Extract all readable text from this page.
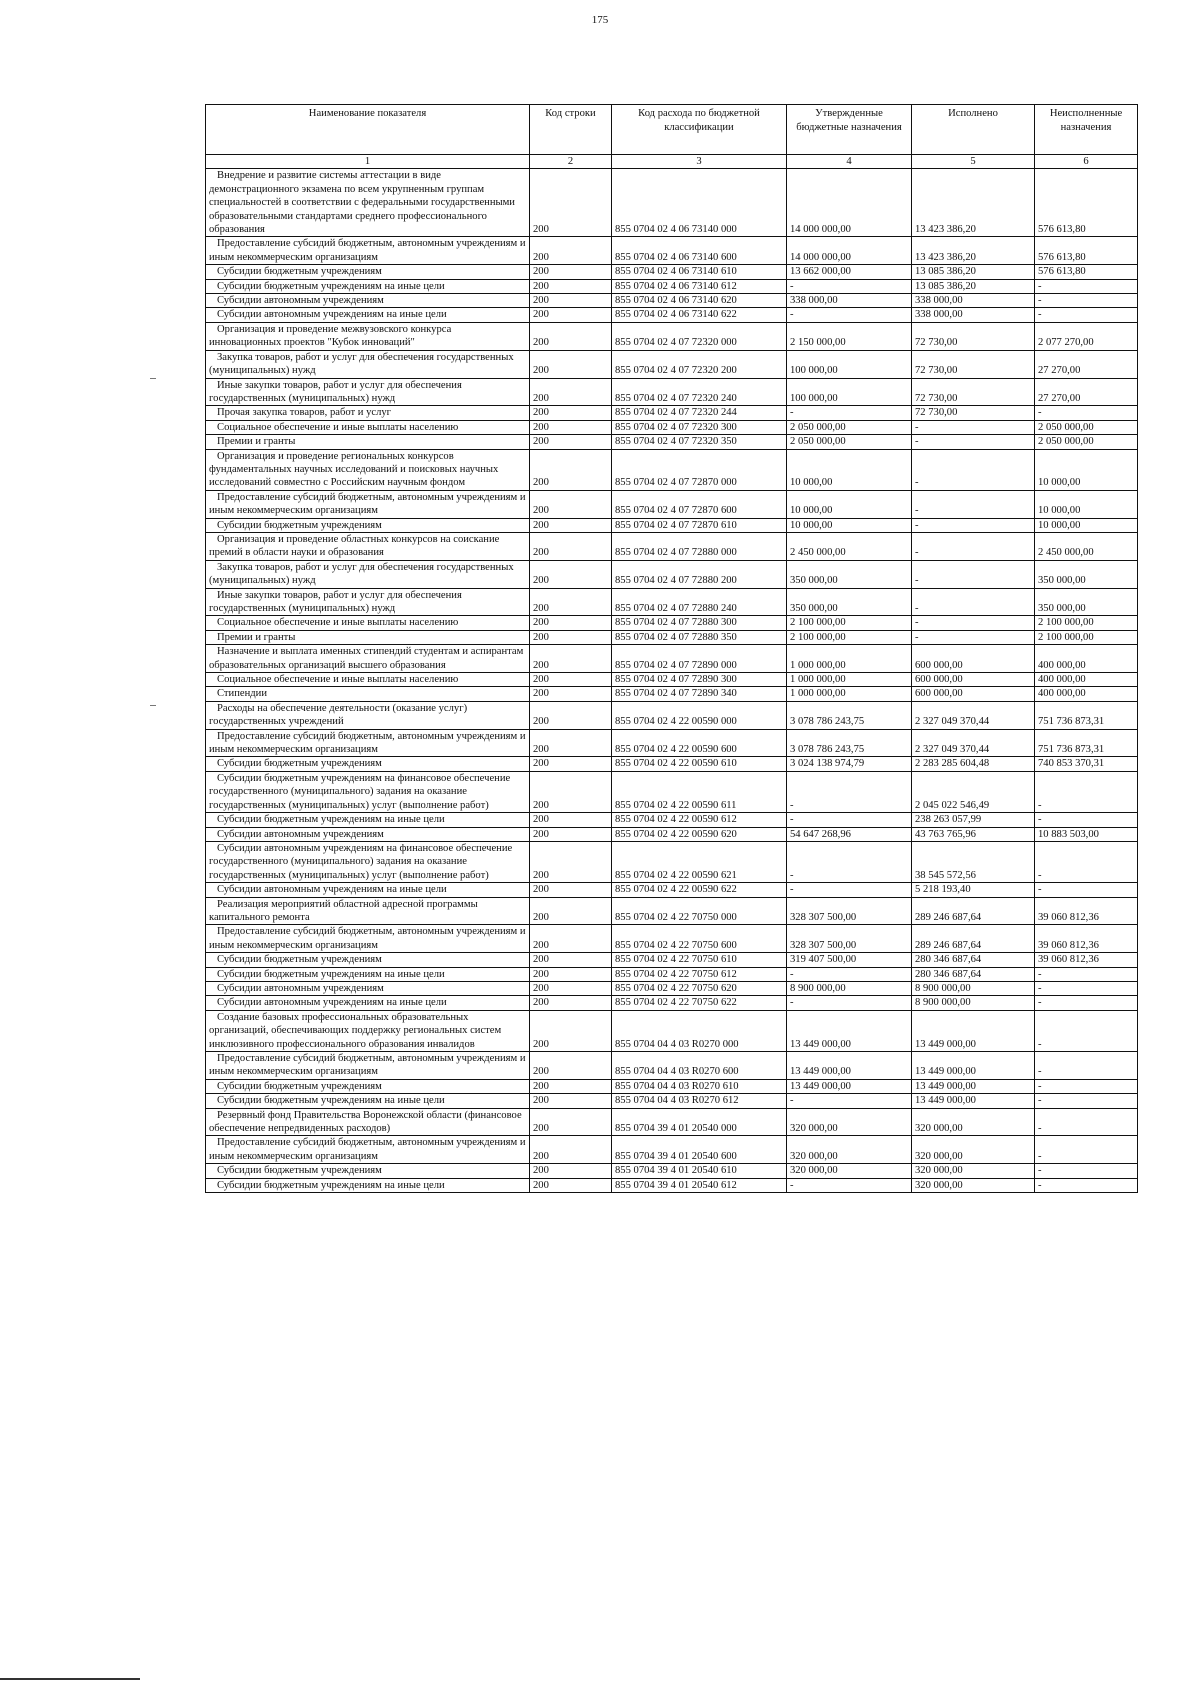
175
Наименование показателя	Код строки	Код расхода по бюджетной классификации	Утвержденные бюджетные назначения	Исполнено	Неисполненные назначения
1	2	3	4	5	6
Внедрение и развитие системы аттестации в виде демонстрационного экзамена по всем укрупненным группам специальностей в соответствии с федеральными государственными образовательными стандартами среднего профессионального образования	200	855 0704 02 4 06 73140 000	14 000 000,00	13 423 386,20	576 613,80
Предоставление субсидий бюджетным, автономным учреждениям и иным некоммерческим организациям	200	855 0704 02 4 06 73140 600	14 000 000,00	13 423 386,20	576 613,80
Субсидии бюджетным учреждениям	200	855 0704 02 4 06 73140 610	13 662 000,00	13 085 386,20	576 613,80
Субсидии бюджетным учреждениям на иные цели	200	855 0704 02 4 06 73140 612	-	13 085 386,20	-
Субсидии автономным учреждениям	200	855 0704 02 4 06 73140 620	338 000,00	338 000,00	-
Субсидии автономным учреждениям на иные цели	200	855 0704 02 4 06 73140 622	-	338 000,00	-
Организация и проведение межвузовского конкурса инновационных проектов "Кубок инноваций"	200	855 0704 02 4 07 72320 000	2 150 000,00	72 730,00	2 077 270,00
Закупка товаров, работ и услуг для обеспечения государственных (муниципальных) нужд	200	855 0704 02 4 07 72320 200	100 000,00	72 730,00	27 270,00
Иные закупки товаров, работ и услуг для обеспечения государственных (муниципальных) нужд	200	855 0704 02 4 07 72320 240	100 000,00	72 730,00	27 270,00
Прочая закупка товаров, работ и услуг	200	855 0704 02 4 07 72320 244	-	72 730,00	-
Социальное обеспечение и иные выплаты населению	200	855 0704 02 4 07 72320 300	2 050 000,00	-	2 050 000,00
Премии и гранты	200	855 0704 02 4 07 72320 350	2 050 000,00	-	2 050 000,00
Организация и проведение региональных конкурсов фундаментальных научных исследований и поисковых научных исследований совместно с Российским научным фондом	200	855 0704 02 4 07 72870 000	10 000,00	-	10 000,00
Предоставление субсидий бюджетным, автономным учреждениям и иным некоммерческим организациям	200	855 0704 02 4 07 72870 600	10 000,00	-	10 000,00
Субсидии бюджетным учреждениям	200	855 0704 02 4 07 72870 610	10 000,00	-	10 000,00
Организация и проведение областных конкурсов на соискание премий в области науки и образования	200	855 0704 02 4 07 72880 000	2 450 000,00	-	2 450 000,00
Закупка товаров, работ и услуг для обеспечения государственных (муниципальных) нужд	200	855 0704 02 4 07 72880 200	350 000,00	-	350 000,00
Иные закупки товаров, работ и услуг для обеспечения государственных (муниципальных) нужд	200	855 0704 02 4 07 72880 240	350 000,00	-	350 000,00
Социальное обеспечение и иные выплаты населению	200	855 0704 02 4 07 72880 300	2 100 000,00	-	2 100 000,00
Премии и гранты	200	855 0704 02 4 07 72880 350	2 100 000,00	-	2 100 000,00
Назначение и выплата именных стипендий студентам и аспирантам образовательных организаций высшего образования	200	855 0704 02 4 07 72890 000	1 000 000,00	600 000,00	400 000,00
Социальное обеспечение и иные выплаты населению	200	855 0704 02 4 07 72890 300	1 000 000,00	600 000,00	400 000,00
Стипендии	200	855 0704 02 4 07 72890 340	1 000 000,00	600 000,00	400 000,00
Расходы на обеспечение деятельности (оказание услуг) государственных учреждений	200	855 0704 02 4 22 00590 000	3 078 786 243,75	2 327 049 370,44	751 736 873,31
Предоставление субсидий бюджетным, автономным учреждениям и иным некоммерческим организациям	200	855 0704 02 4 22 00590 600	3 078 786 243,75	2 327 049 370,44	751 736 873,31
Субсидии бюджетным учреждениям	200	855 0704 02 4 22 00590 610	3 024 138 974,79	2 283 285 604,48	740 853 370,31
Субсидии бюджетным учреждениям на финансовое обеспечение государственного (муниципального) задания на оказание государственных (муниципальных) услуг (выполнение работ)	200	855 0704 02 4 22 00590 611	-	2 045 022 546,49	-
Субсидии бюджетным учреждениям на иные цели	200	855 0704 02 4 22 00590 612	-	238 263 057,99	-
Субсидии автономным учреждениям	200	855 0704 02 4 22 00590 620	54 647 268,96	43 763 765,96	10 883 503,00
Субсидии автономным учреждениям на финансовое обеспечение государственного (муниципального) задания на оказание государственных (муниципальных) услуг (выполнение работ)	200	855 0704 02 4 22 00590 621	-	38 545 572,56	-
Субсидии автономным учреждениям на иные цели	200	855 0704 02 4 22 00590 622	-	5 218 193,40	-
Реализация мероприятий областной адресной программы капитального ремонта	200	855 0704 02 4 22 70750 000	328 307 500,00	289 246 687,64	39 060 812,36
Предоставление субсидий бюджетным, автономным учреждениям и иным некоммерческим организациям	200	855 0704 02 4 22 70750 600	328 307 500,00	289 246 687,64	39 060 812,36
Субсидии бюджетным учреждениям	200	855 0704 02 4 22 70750 610	319 407 500,00	280 346 687,64	39 060 812,36
Субсидии бюджетным учреждениям на иные цели	200	855 0704 02 4 22 70750 612	-	280 346 687,64	-
Субсидии автономным учреждениям	200	855 0704 02 4 22 70750 620	8 900 000,00	8 900 000,00	-
Субсидии автономным учреждениям на иные цели	200	855 0704 02 4 22 70750 622	-	8 900 000,00	-
Создание базовых профессиональных образовательных организаций, обеспечивающих поддержку региональных систем инклюзивного профессионального образования инвалидов	200	855 0704 04 4 03 R0270 000	13 449 000,00	13 449 000,00	-
Предоставление субсидий бюджетным, автономным учреждениям и иным некоммерческим организациям	200	855 0704 04 4 03 R0270 600	13 449 000,00	13 449 000,00	-
Субсидии бюджетным учреждениям	200	855 0704 04 4 03 R0270 610	13 449 000,00	13 449 000,00	-
Субсидии бюджетным учреждениям на иные цели	200	855 0704 04 4 03 R0270 612	-	13 449 000,00	-
Резервный фонд Правительства Воронежской области (финансовое обеспечение непредвиденных расходов)	200	855 0704 39 4 01 20540 000	320 000,00	320 000,00	-
Предоставление субсидий бюджетным, автономным учреждениям и иным некоммерческим организациям	200	855 0704 39 4 01 20540 600	320 000,00	320 000,00	-
Субсидии бюджетным учреждениям	200	855 0704 39 4 01 20540 610	320 000,00	320 000,00	-
Субсидии бюджетным учреждениям на иные цели	200	855 0704 39 4 01 20540 612	-	320 000,00	-
